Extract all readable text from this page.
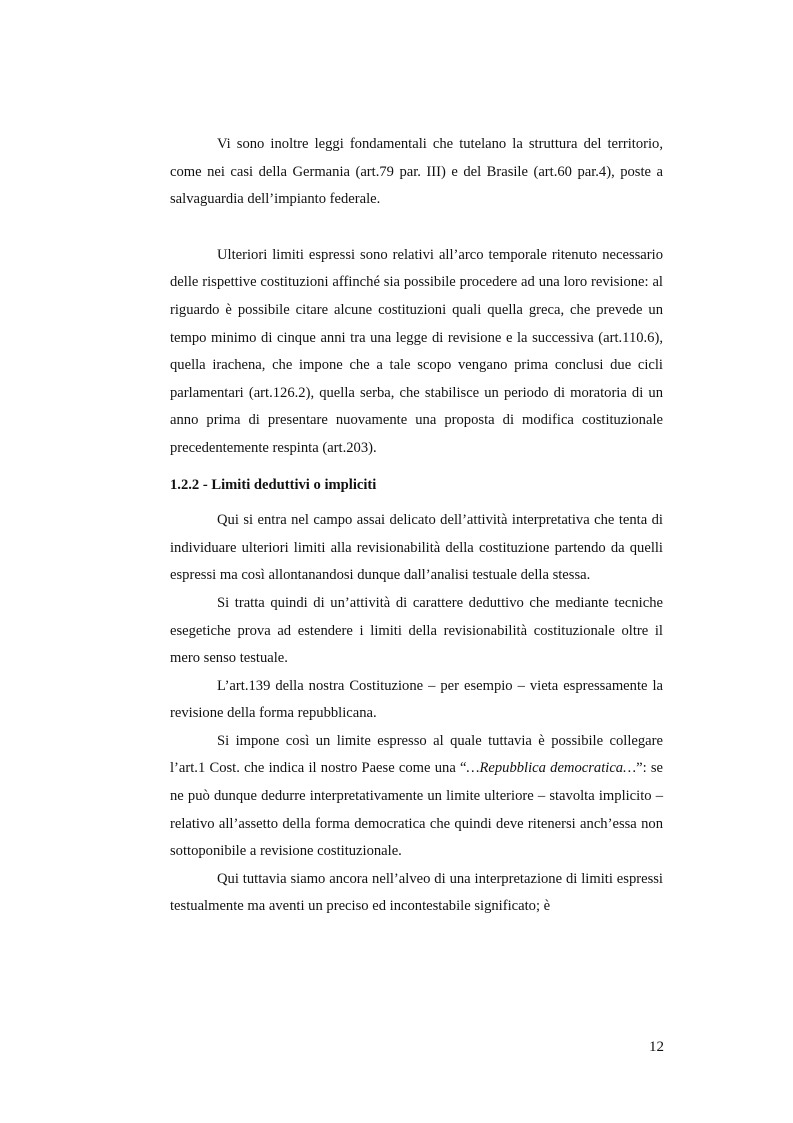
Vi sono inoltre leggi fondamentali che tutelano la struttura del territorio, come nei casi della Germania (art.79 par. III) e del Brasile (art.60 par.4), poste a salvaguardia dell’impianto federale.

Ulteriori limiti espressi sono relativi all’arco temporale ritenuto necessario delle rispettive costituzioni affinché sia possibile procedere ad una loro revisione: al riguardo è possibile citare alcune costituzioni quali quella greca, che prevede un tempo minimo di cinque anni tra una legge di revisione e la successiva (art.110.6), quella irachena, che impone che a tale scopo vengano prima conclusi due cicli parlamentari (art.126.2), quella serba, che stabilisce un periodo di moratoria di un anno prima di presentare nuovamente una proposta di modifica costituzionale precedentemente respinta (art.203).

1.2.2 - Limiti deduttivi o impliciti

Qui si entra nel campo assai delicato dell’attività interpretativa che tenta di individuare ulteriori limiti alla revisionabilità della costituzione partendo da quelli espressi ma così allontanandosi dunque dall’analisi testuale della stessa.

Si tratta quindi di un’attività di carattere deduttivo che mediante tecniche esegetiche prova ad estendere i limiti della revisionabilità costituzionale oltre il mero senso testuale.

L’art.139 della nostra Costituzione – per esempio – vieta espressamente la revisione della forma repubblicana.

Si impone così un limite espresso al quale tuttavia è possibile collegare l’art.1 Cost. che indica il nostro Paese come una “…Repubblica democratica…”: se ne può dunque dedurre interpretativamente un limite ulteriore – stavolta implicito – relativo all’assetto della forma democratica che quindi deve ritenersi anch’essa non sottoponibile a revisione costituzionale.

Qui tuttavia siamo ancora nell’alveo di una interpretazione di limiti espressi testualmente ma aventi un preciso ed incontestabile significato; è

12
